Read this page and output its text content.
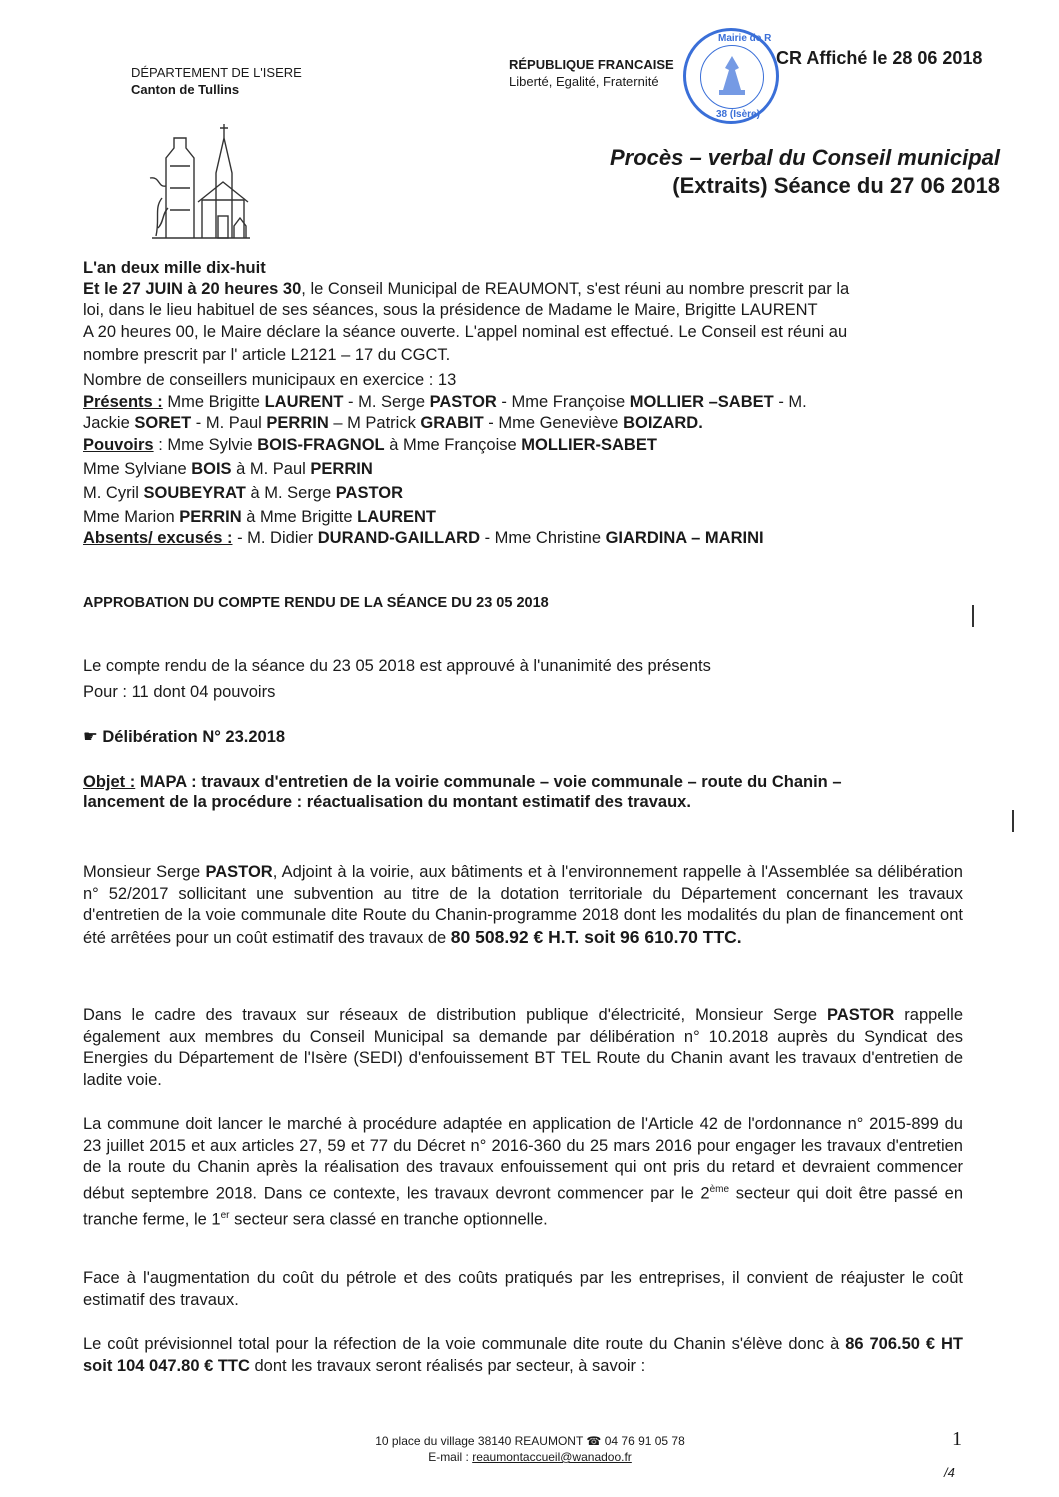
DÉPARTEMENT DE L'ISERE
Canton de Tullins
RÉPUBLIQUE FRANCAISE
Liberté, Egalité, Fraternité
Mairie de R
38 (Isère)
CR Affiché le 28 06 2018
Procès – verbal du Conseil municipal
(Extraits) Séance du 27 06 2018
L'an deux mille dix-huit
Et le 27 JUIN à 20 heures 30, le Conseil Municipal de REAUMONT, s'est réuni au nombre prescrit par la
loi, dans le lieu habituel de ses séances, sous la présidence de Madame le Maire, Brigitte LAURENT
A 20 heures 00, le Maire déclare la séance ouverte. L'appel nominal est effectué. Le Conseil est réuni au
nombre prescrit par l' article L2121 – 17 du CGCT.
Nombre de conseillers municipaux en exercice : 13
Présents : Mme Brigitte LAURENT - M. Serge PASTOR - Mme Françoise MOLLIER –SABET - M.
Jackie SORET - M. Paul PERRIN – M Patrick GRABIT - Mme Geneviève BOIZARD.
Pouvoirs : Mme Sylvie BOIS-FRAGNOL à Mme Françoise MOLLIER-SABET
Mme Sylviane BOIS à M. Paul PERRIN
M. Cyril SOUBEYRAT à M. Serge PASTOR
Mme Marion PERRIN à Mme Brigitte LAURENT
Absents/ excusés : - M. Didier DURAND-GAILLARD - Mme Christine GIARDINA – MARINI
APPROBATION DU COMPTE RENDU DE LA SÉANCE DU 23 05 2018
Le compte rendu de la séance du 23 05 2018 est approuvé à l'unanimité des présents
Pour : 11 dont 04 pouvoirs
☛ Délibération N° 23.2018
Objet : MAPA : travaux d'entretien de la voirie communale – voie communale – route du Chanin –
lancement de la procédure : réactualisation du montant estimatif des travaux.
Monsieur Serge PASTOR, Adjoint à la voirie, aux bâtiments et à l'environnement rappelle à l'Assemblée sa délibération n° 52/2017 sollicitant une subvention au titre de la dotation territoriale du Département concernant les travaux d'entretien de la voie communale dite Route du Chanin-programme 2018 dont les modalités du plan de financement ont été arrêtées pour un coût estimatif des travaux de 80 508.92 € H.T. soit 96 610.70 TTC.
Dans le cadre des travaux sur réseaux de distribution publique d'électricité, Monsieur Serge PASTOR rappelle également aux membres du Conseil Municipal sa demande par délibération n° 10.2018 auprès du Syndicat des Energies du Département de l'Isère (SEDI) d'enfouissement BT TEL Route du Chanin avant les travaux d'entretien de ladite voie.
La commune doit lancer le marché à procédure adaptée en application de l'Article 42 de l'ordonnance n° 2015-899 du 23 juillet 2015 et aux articles 27, 59 et 77 du Décret n° 2016-360 du 25 mars 2016 pour engager les travaux d'entretien de la route du Chanin après la réalisation des travaux enfouissement qui ont pris du retard et devraient commencer début septembre 2018. Dans ce contexte, les travaux devront commencer par le 2ème secteur qui doit être passé en tranche ferme, le 1er secteur sera classé en tranche optionnelle.
Face à l'augmentation du coût du pétrole et des coûts pratiqués par les entreprises, il convient de réajuster le coût estimatif des travaux.
Le coût prévisionnel total pour la réfection de la voie communale dite route du Chanin s'élève donc à 86 706.50 € HT soit 104 047.80 € TTC dont les travaux seront réalisés par secteur, à savoir :
10 place du village 38140 REAUMONT ☎ 04 76 91 05 78
E-mail : reaumontaccueil@wanadoo.fr
1
/4
